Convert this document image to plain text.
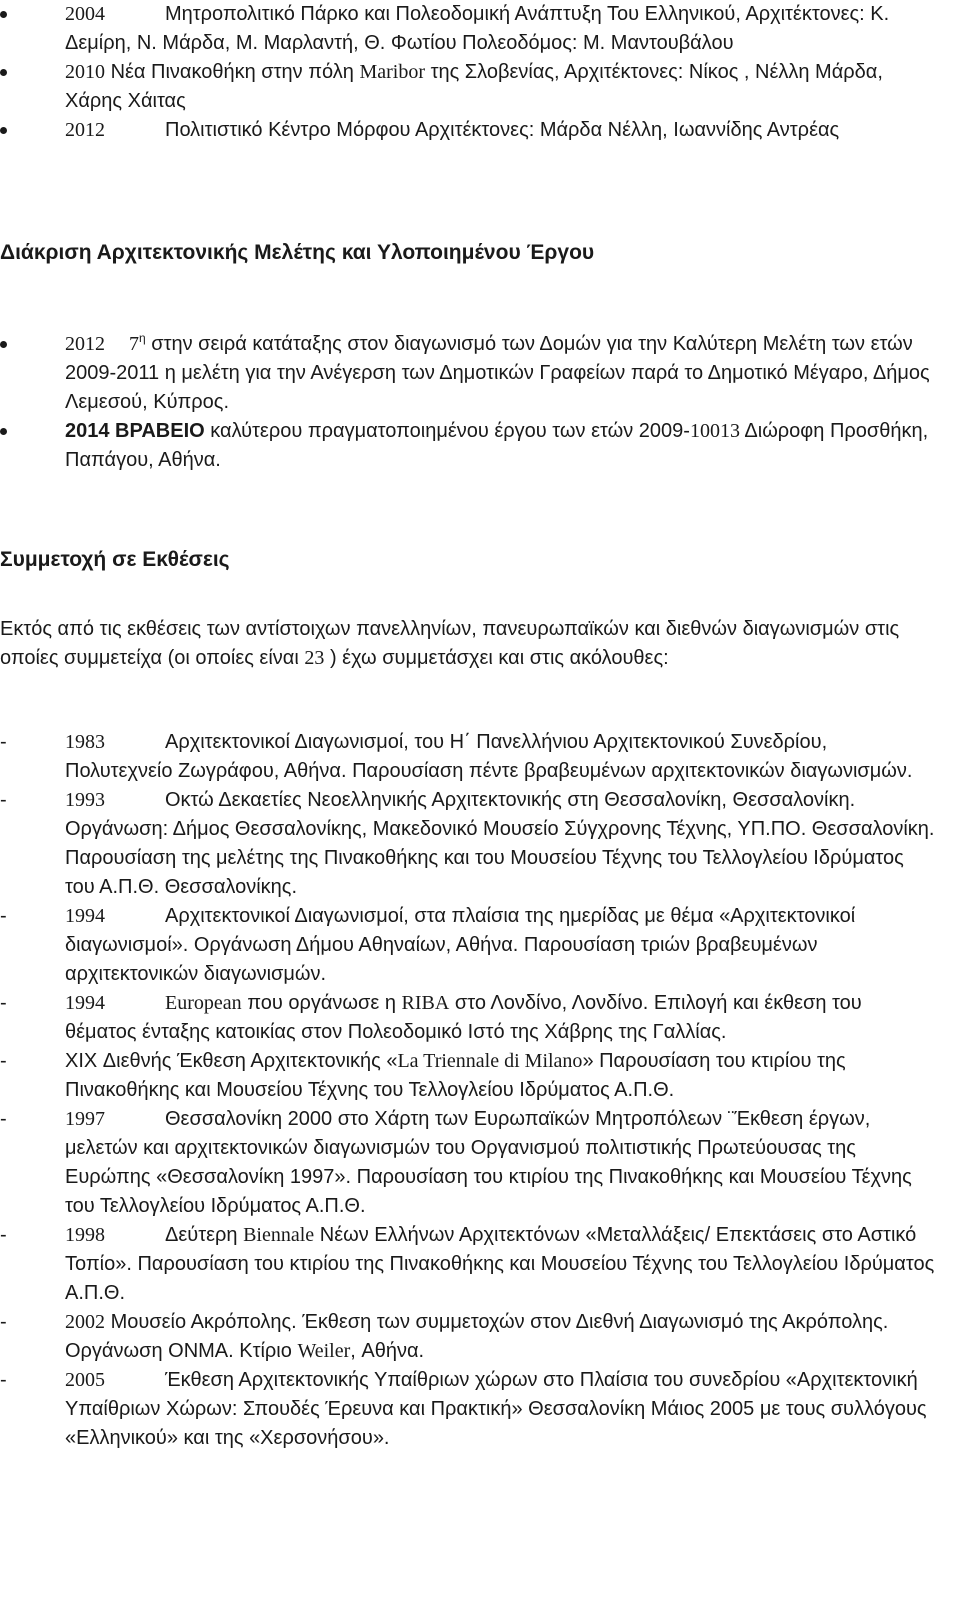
2004	Μητροπολιτικό Πάρκο και Πολεοδομική Ανάπτυξη Του Ελληνικού, Αρχιτέκτονες: Κ. Δεμίρη, Ν. Μάρδα, Μ. Μαρλαντή, Θ. Φωτίου Πολεοδόμος: Μ. Μαντουβάλου
2010 Νέα Πινακοθήκη στην πόλη Maribor της Σλοβενίας, Αρχιτέκτονες: Νίκος , Νέλλη Μάρδα, Χάρης Χάιτας
2012	Πολιτιστικό Κέντρο Μόρφου Αρχιτέκτονες: Μάρδα Νέλλη, Ιωαννίδης Αντρέας
Διάκριση Αρχιτεκτονικής Μελέτης και Υλοποιημένου Έργου
2012 $7^\eta$ στην σειρά κατάταξης στον διαγωνισμό των Δομών για την Καλύτερη Μελέτη των ετών 2009-2011 η μελέτη για την Ανέγερση των Δημοτικών Γραφείων παρά το Δημοτικό Μέγαρο, Δήμος Λεμεσού, Κύπρος.
2014 ΒΡΑΒΕΙΟ καλύτερου πραγματοποιημένου έργου των ετών 2009-10013 Διώροφη Προσθήκη, Παπάγου, Αθήνα.
Συμμετοχή σε Εκθέσεις

Εκτός από τις εκθέσεις των αντίστοιχων πανελληνίων, πανευρωπαϊκών και διεθνών διαγωνισμών στις οποίες συμμετείχα (οι οποίες είναι 23 ) έχω συμμετάσχει και στις ακόλουθες:

-	1983	Αρχιτεκτονικοί Διαγωνισμοί, του Η΄ Πανελλήνιου Αρχιτεκτονικού Συνεδρίου, Πολυτεχνείο Ζωγράφου, Αθήνα. Παρουσίαση πέντε βραβευμένων αρχιτεκτονικών διαγωνισμών.
-	1993	Οκτώ Δεκαετίες Νεοελληνικής Αρχιτεκτονικής στη Θεσσαλονίκη, Θεσσαλονίκη. Οργάνωση: Δήμος Θεσσαλονίκης, Μακεδονικό Μουσείο Σύγχρονης Τέχνης, ΥΠ.ΠΟ. Θεσσαλονίκη. Παρουσίαση της μελέτης της Πινακοθήκης και του Μουσείου Τέχνης του Τελλογλείου Ιδρύματος του Α.Π.Θ. Θεσσαλονίκης.
-	1994	Αρχιτεκτονικοί Διαγωνισμοί, στα πλαίσια της ημερίδας με θέμα «Αρχιτεκτονικοί διαγωνισμοί». Οργάνωση Δήμου Αθηναίων, Αθήνα. Παρουσίαση τριών βραβευμένων αρχιτεκτονικών διαγωνισμών.
-	1994	European που οργάνωσε η RIBA στο Λονδίνο, Λονδίνο. Επιλογή και έκθεση του θέματος ένταξης κατοικίας στον Πολεοδομικό Ιστό της Χάβρης της Γαλλίας.
-	XIX Διεθνής Έκθεση Αρχιτεκτονικής «La Triennale di Milano» Παρουσίαση του κτιρίου της Πινακοθήκης και Μουσείου Τέχνης του Τελλογλείου Ιδρύματος Α.Π.Θ.
-	1997	Θεσσαλονίκη 2000 στο Χάρτη των Ευρωπαϊκών Μητροπόλεων ¨Έκθεση έργων, μελετών και αρχιτεκτονικών διαγωνισμών του Οργανισμού πολιτιστικής Πρωτεύουσας της Ευρώπης «Θεσσαλονίκη 1997». Παρουσίαση του κτιρίου της Πινακοθήκης και Μουσείου Τέχνης του Τελλογλείου Ιδρύματος Α.Π.Θ.
-	1998	Δεύτερη Biennale Νέων Ελλήνων Αρχιτεκτόνων «Μεταλλάξεις/ Επεκτάσεις στο Αστικό Τοπίο». Παρουσίαση του κτιρίου της Πινακοθήκης και Μουσείου Τέχνης του Τελλογλείου Ιδρύματος Α.Π.Θ.
-	2002 Μουσείο Ακρόπολης. Έκθεση των συμμετοχών στον Διεθνή Διαγωνισμό της Ακρόπολης. Οργάνωση ΟΝΜΑ. Κτίριο Weiler, Αθήνα.
-	2005	Έκθεση Αρχιτεκτονικής Υπαίθριων χώρων στο Πλαίσια του συνεδρίου «Αρχιτεκτονική Υπαίθριων Χώρων: Σπουδές Έρευνα και Πρακτική» Θεσσαλονίκη Μάιος 2005 με τους συλλόγους «Ελληνικού» και της «Χερσονήσου».
